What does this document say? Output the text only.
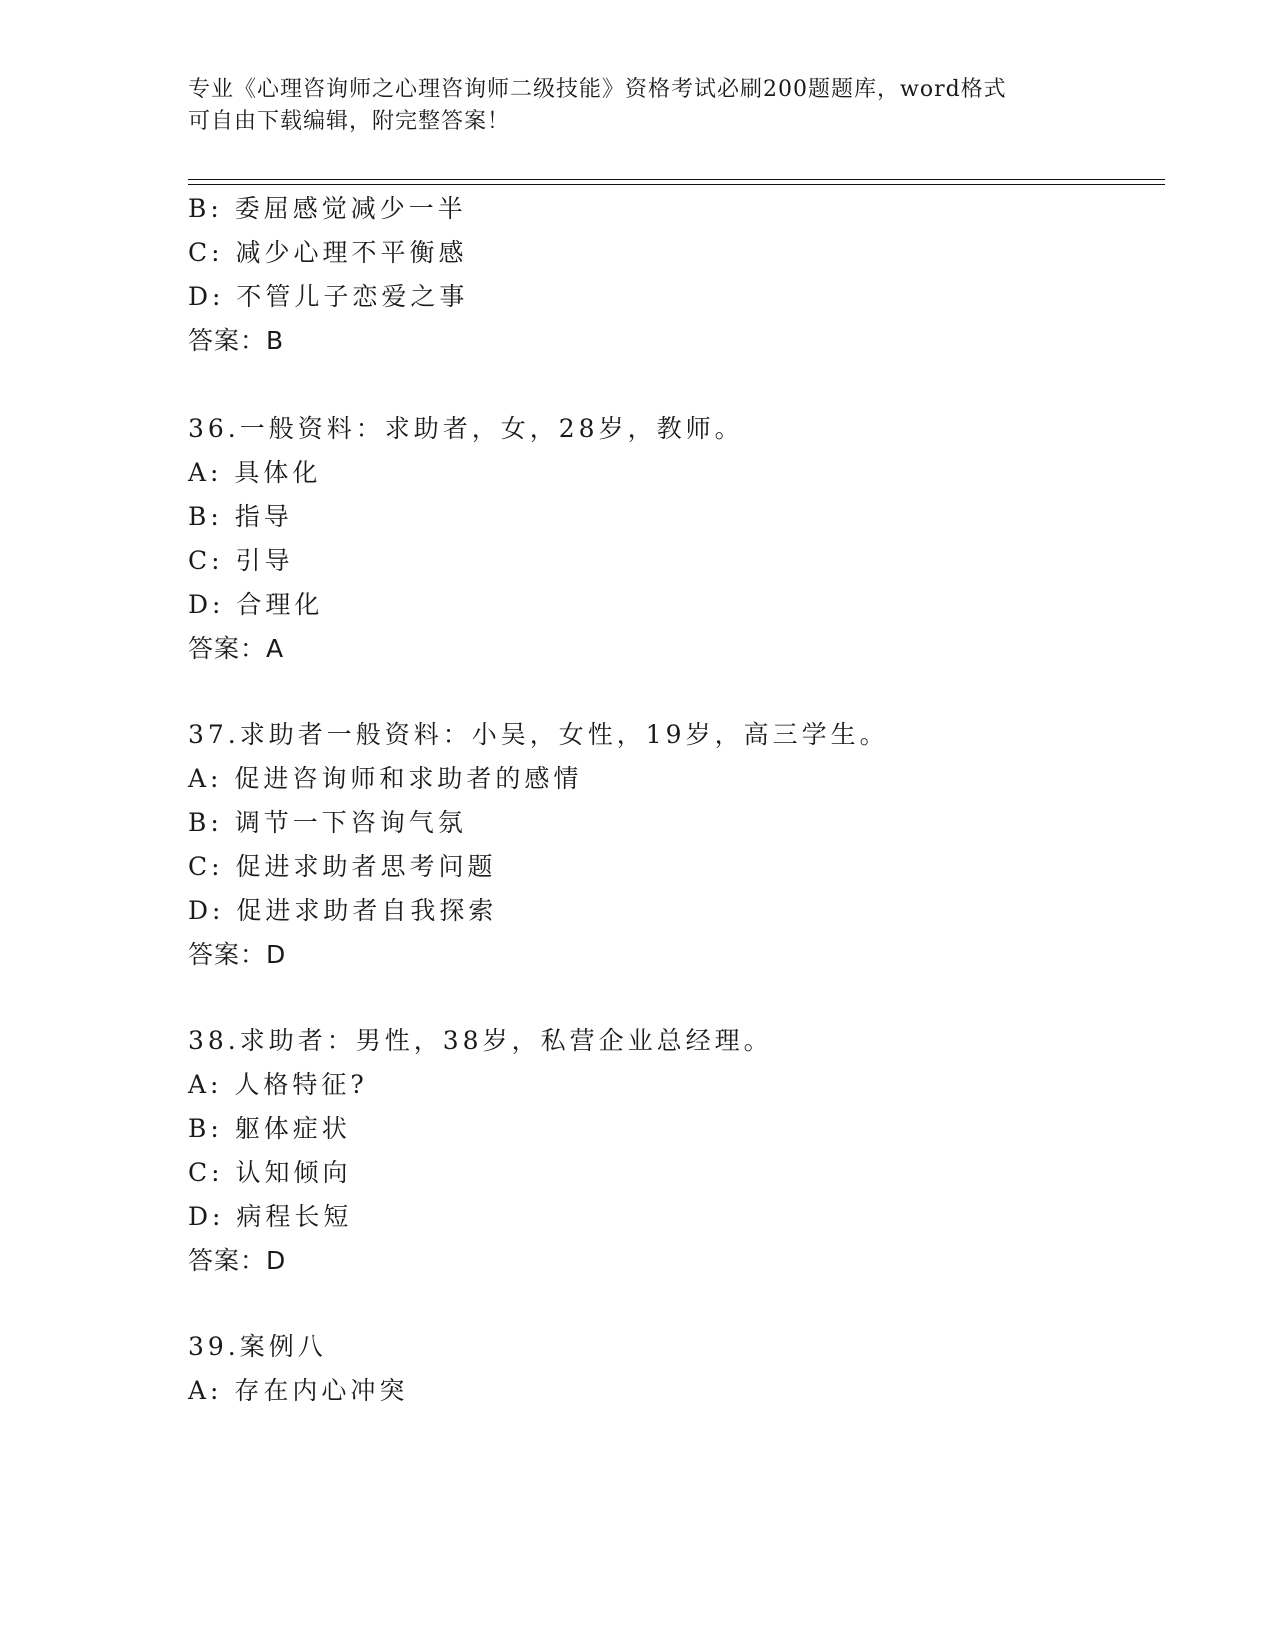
专业《心理咨询师之心理咨询师二级技能》资格考试必刷200题题库，word格式
可自由下载编辑，附完整答案！
B: 委屈感觉减少一半
C: 减少心理不平衡感
D: 不管儿子恋爱之事
答案：B
36.一般资料：求助者，女，28岁，教师。
A: 具体化
B: 指导
C: 引导
D: 合理化
答案：A
37.求助者一般资料：小吴，女性，19岁，高三学生。
A: 促进咨询师和求助者的感情
B: 调节一下咨询气氛
C: 促进求助者思考问题
D: 促进求助者自我探索
答案：D
38.求助者：男性，38岁，私营企业总经理。
A: 人格特征?
B: 躯体症状
C: 认知倾向
D: 病程长短
答案：D
39.案例八
A: 存在内心冲突
